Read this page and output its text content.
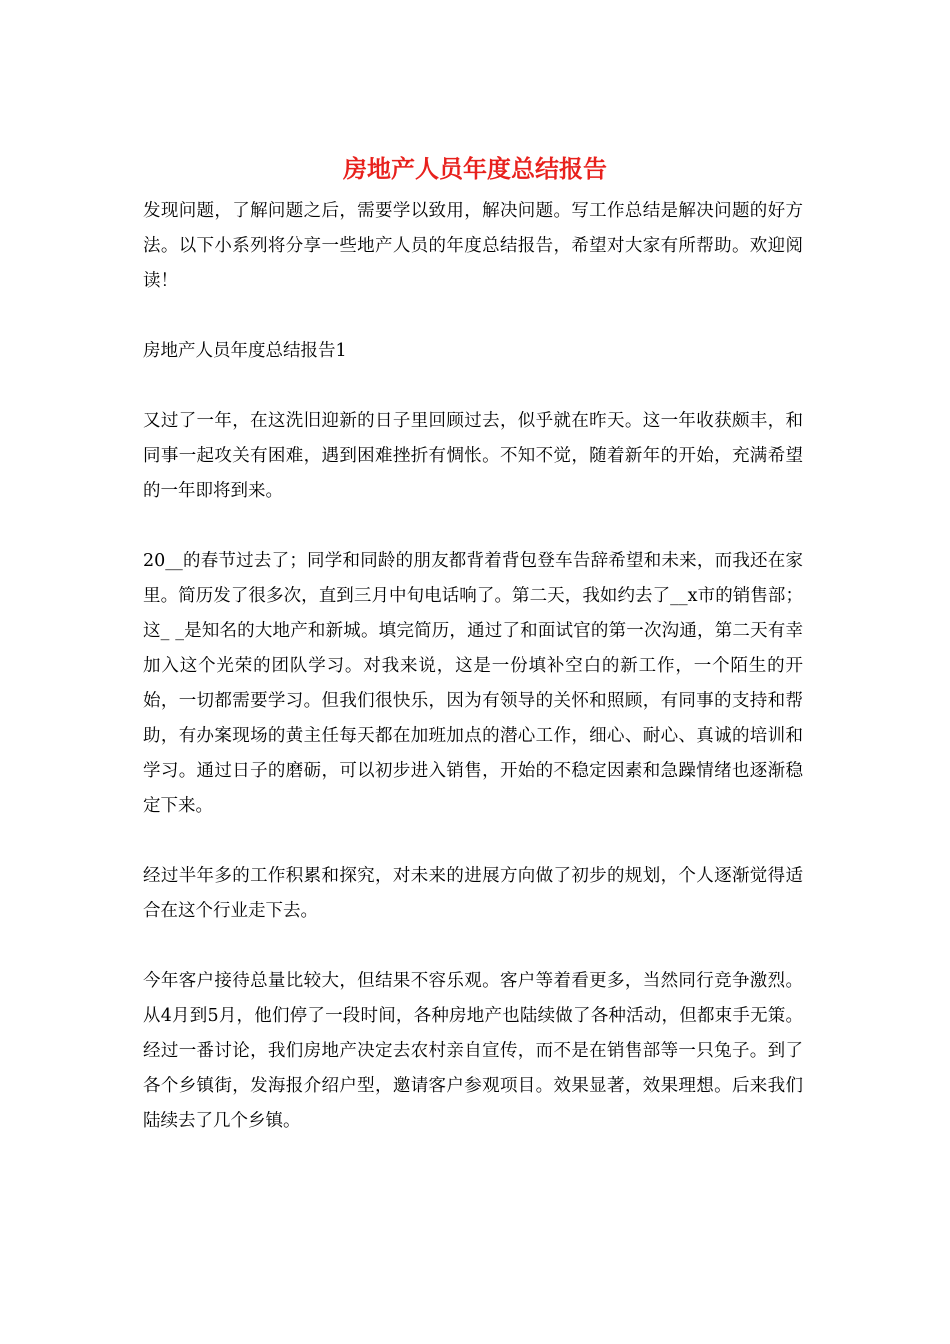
房地产人员年度总结报告

发现问题，了解问题之后，需要学以致用，解决问题。写工作总结是解决问题的好方法。以下小系列将分享一些地产人员的年度总结报告，希望对大家有所帮助。欢迎阅读！

房地产人员年度总结报告1

又过了一年，在这洗旧迎新的日子里回顾过去，似乎就在昨天。这一年收获颇丰，和同事一起攻关有困难，遇到困难挫折有惆怅。不知不觉，随着新年的开始，充满希望的一年即将到来。

20__的春节过去了；同学和同龄的朋友都背着背包登车告辞希望和未来，而我还在家里。简历发了很多次，直到三月中旬电话响了。第二天，我如约去了__x市的销售部；这_ _是知名的大地产和新城。填完简历，通过了和面试官的第一次沟通，第二天有幸加入这个光荣的团队学习。对我来说，这是一份填补空白的新工作，一个陌生的开始，一切都需要学习。但我们很快乐，因为有领导的关怀和照顾，有同事的支持和帮助，有办案现场的黄主任每天都在加班加点的潜心工作，细心、耐心、真诚的培训和学习。通过日子的磨砺，可以初步进入销售，开始的不稳定因素和急躁情绪也逐渐稳定下来。

经过半年多的工作积累和探究，对未来的进展方向做了初步的规划，个人逐渐觉得适合在这个行业走下去。

今年客户接待总量比较大，但结果不容乐观。客户等着看更多，当然同行竞争激烈。从4月到5月，他们停了一段时间，各种房地产也陆续做了各种活动，但都束手无策。经过一番讨论，我们房地产决定去农村亲自宣传，而不是在销售部等一只兔子。到了各个乡镇街，发海报介绍户型，邀请客户参观项目。效果显著，效果理想。后来我们陆续去了几个乡镇。
